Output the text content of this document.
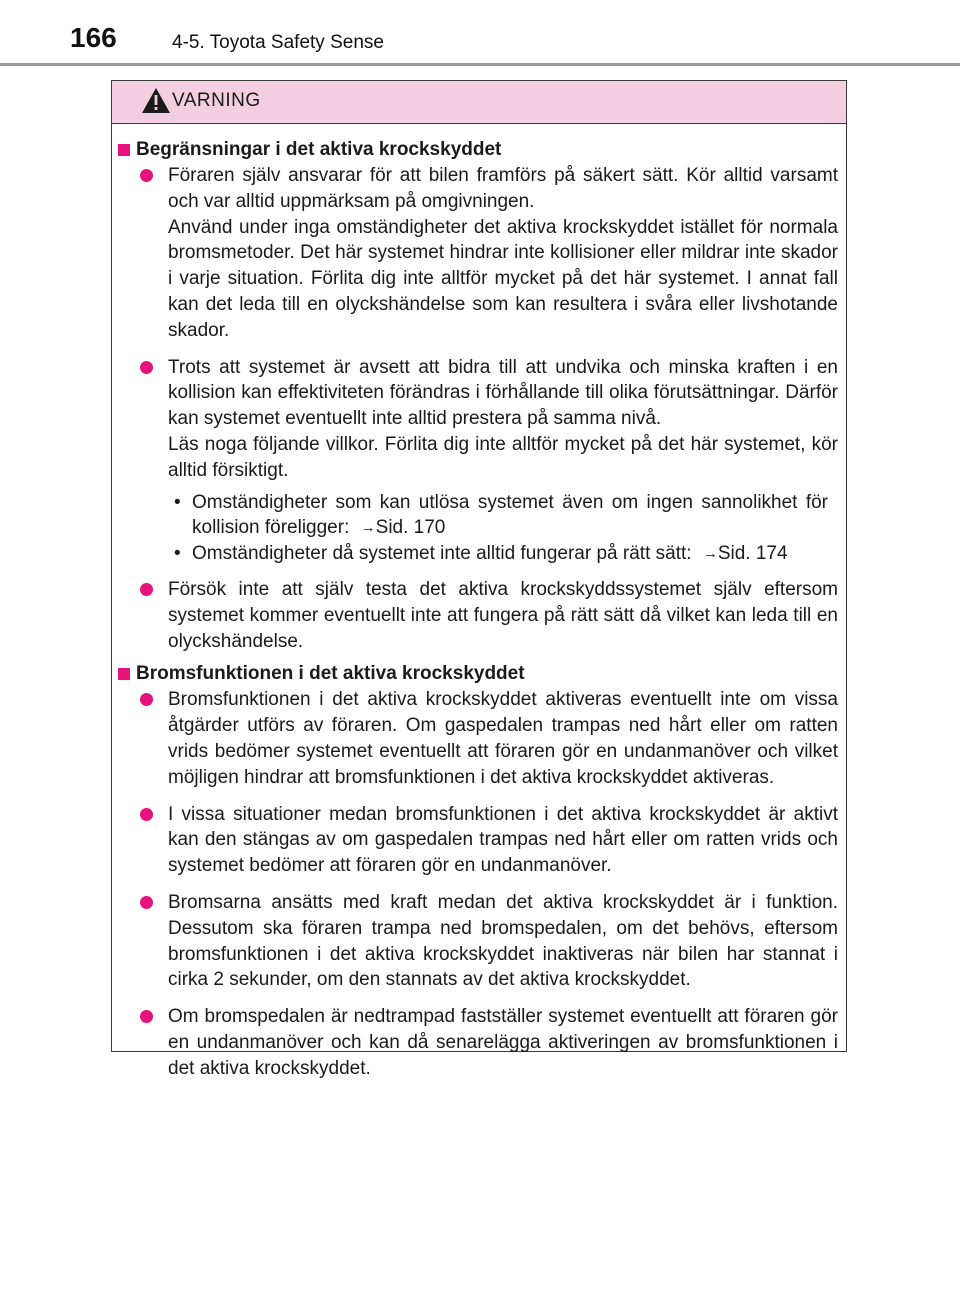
166	4-5. Toyota Safety Sense
VARNING
Begränsningar i det aktiva krockskyddet

Föraren själv ansvarar för att bilen framförs på säkert sätt. Kör alltid varsamt och var alltid uppmärksam på omgivningen.

Använd under inga omständigheter det aktiva krockskyddet istället för normala bromsmetoder. Det här systemet hindrar inte kollisioner eller mildrar inte skador i varje situation. Förlita dig inte alltför mycket på det här systemet. I annat fall kan det leda till en olyckshändelse som kan resultera i svåra eller livshotande skador.

Trots att systemet är avsett att bidra till att undvika och minska kraften i en kollision kan effektiviteten förändras i förhållande till olika förutsättningar. Därför kan systemet eventuellt inte alltid prestera på samma nivå.

Läs noga följande villkor. Förlita dig inte alltför mycket på det här systemet, kör alltid försiktigt.

• Omständigheter som kan utlösa systemet även om ingen sannolikhet för kollision föreligger: →Sid. 170
• Omständigheter då systemet inte alltid fungerar på rätt sätt: →Sid. 174

Försök inte att själv testa det aktiva krockskyddssystemet själv eftersom systemet kommer eventuellt inte att fungera på rätt sätt då vilket kan leda till en olyckshändelse.

Bromsfunktionen i det aktiva krockskyddet

Bromsfunktionen i det aktiva krockskyddet aktiveras eventuellt inte om vissa åtgärder utförs av föraren. Om gaspedalen trampas ned hårt eller om ratten vrids bedömer systemet eventuellt att föraren gör en undanmanöver och vilket möjligen hindrar att bromsfunktionen i det aktiva krockskyddet aktiveras.

I vissa situationer medan bromsfunktionen i det aktiva krockskyddet är aktivt kan den stängas av om gaspedalen trampas ned hårt eller om ratten vrids och systemet bedömer att föraren gör en undanmanöver.

Bromsarna ansätts med kraft medan det aktiva krockskyddet är i funktion. Dessutom ska föraren trampa ned bromspedalen, om det behövs, eftersom bromsfunktionen i det aktiva krockskyddet inaktiveras när bilen har stannat i cirka 2 sekunder, om den stannats av det aktiva krockskyddet.

Om bromspedalen är nedtrampad fastställer systemet eventuellt att föraren gör en undanmanöver och kan då senarelägga aktiveringen av bromsfunktionen i det aktiva krockskyddet.
